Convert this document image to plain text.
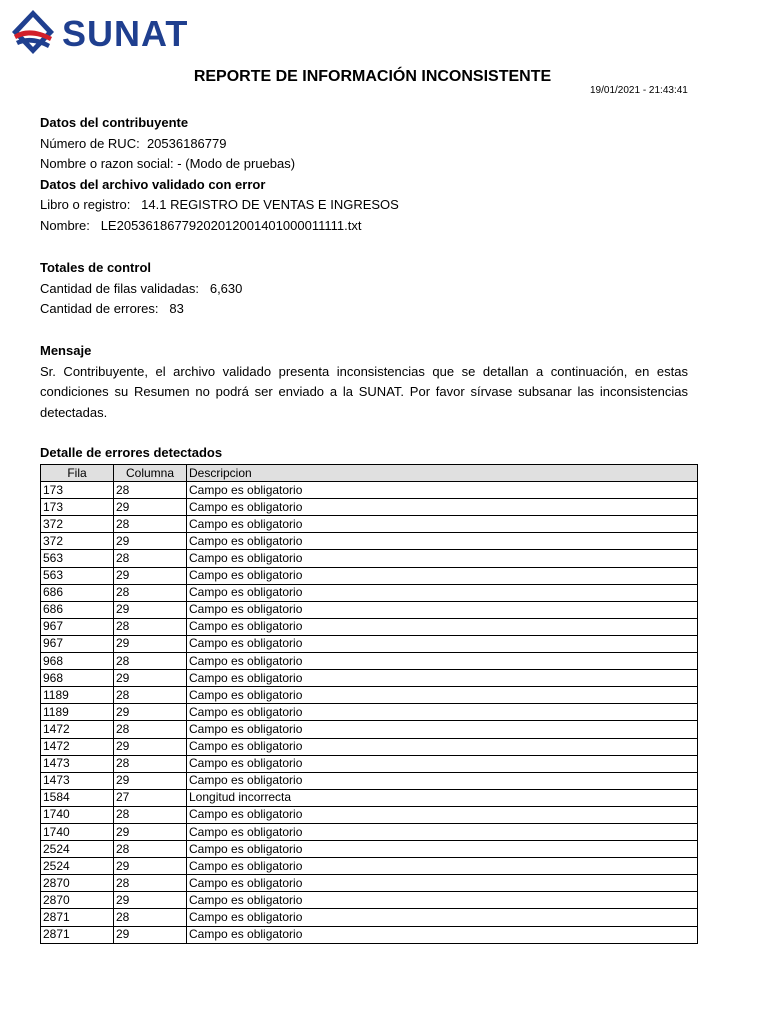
SUNAT
REPORTE DE INFORMACIÓN INCONSISTENTE
19/01/2021 - 21:43:41
Datos del contribuyente
Número de RUC: 20536186779
Nombre o razon social: - (Modo de pruebas)
Datos del archivo validado con error
Libro o registro: 14.1 REGISTRO DE VENTAS E INGRESOS
Nombre: LE20536186779202012001401000011111.txt
Totales de control
Cantidad de filas validadas: 6,630
Cantidad de errores: 83
Mensaje
Sr. Contribuyente, el archivo validado presenta inconsistencias que se detallan a continuación, en estas condiciones su Resumen no podrá ser enviado a la SUNAT. Por favor sírvase subsanar las inconsistencias detectadas.
Detalle de errores detectados
Fila	Columna	Descripcion
173	28	Campo es obligatorio
173	29	Campo es obligatorio
372	28	Campo es obligatorio
372	29	Campo es obligatorio
563	28	Campo es obligatorio
563	29	Campo es obligatorio
686	28	Campo es obligatorio
686	29	Campo es obligatorio
967	28	Campo es obligatorio
967	29	Campo es obligatorio
968	28	Campo es obligatorio
968	29	Campo es obligatorio
1189	28	Campo es obligatorio
1189	29	Campo es obligatorio
1472	28	Campo es obligatorio
1472	29	Campo es obligatorio
1473	28	Campo es obligatorio
1473	29	Campo es obligatorio
1584	27	Longitud incorrecta
1740	28	Campo es obligatorio
1740	29	Campo es obligatorio
2524	28	Campo es obligatorio
2524	29	Campo es obligatorio
2870	28	Campo es obligatorio
2870	29	Campo es obligatorio
2871	28	Campo es obligatorio
2871	29	Campo es obligatorio
